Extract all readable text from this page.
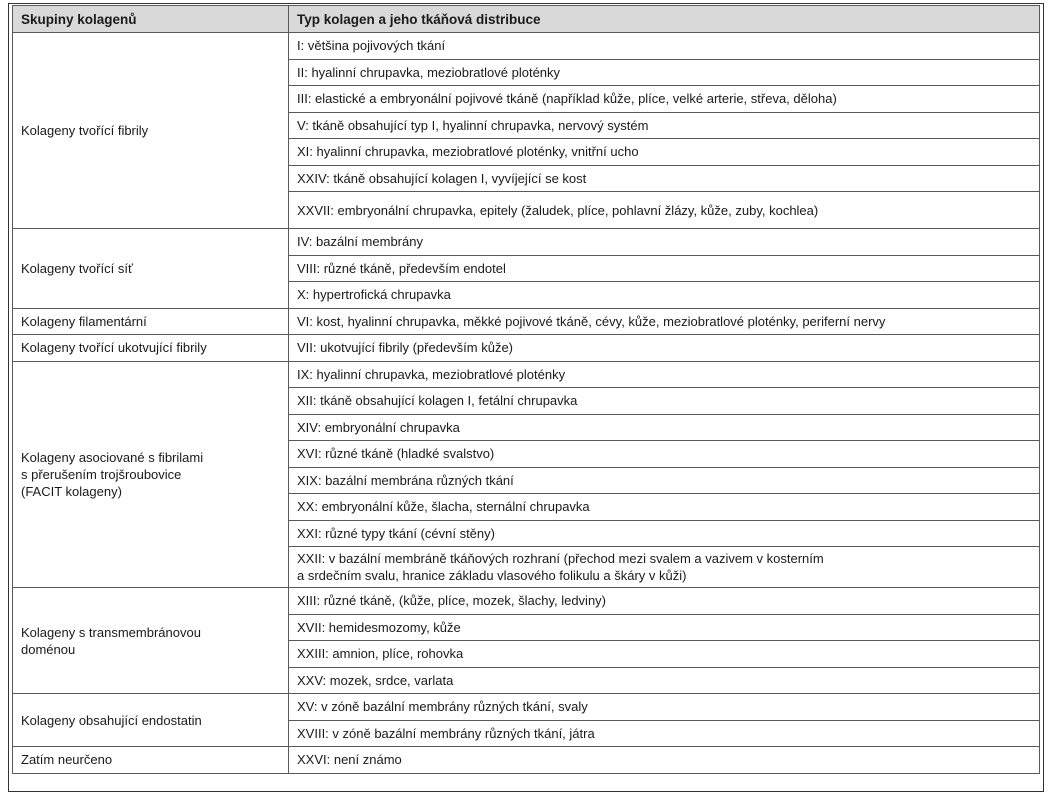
Skupiny kolagenů	Typ kolagen a jeho tkáňová distribuce
Kolageny tvořící fibrily	I: většina pojivových tkání
	II: hyalinní chrupavka, meziobratlové ploténky
	III: elastické a embryonální pojivové tkáně (například kůže, plíce, velké arterie, střeva, děloha)
	V: tkáně obsahující typ I, hyalinní chrupavka, nervový systém
	XI: hyalinní chrupavka, meziobratlové ploténky, vnitřní ucho
	XXIV: tkáně obsahující kolagen I, vyvíjející se kost
	XXVII: embryonální chrupavka, epitely (žaludek, plíce, pohlavní žlázy, kůže, zuby, kochlea)
Kolageny tvořící síť	IV: bazální membrány
	VIII: různé tkáně, především endotel
	X: hypertrofická chrupavka
Kolageny filamentární	VI: kost, hyalinní chrupavka, měkké pojivové tkáně, cévy, kůže, meziobratlové ploténky, periferní nervy
Kolageny tvořící ukotvující fibrily	VII: ukotvující fibrily (především kůže)
Kolageny asociované s fibrilami
s přerušením trojšroubovice
(FACIT kolageny)	IX: hyalinní chrupavka, meziobratlové ploténky
	XII: tkáně obsahující kolagen I, fetální chrupavka
	XIV: embryonální chrupavka
	XVI: různé tkáně (hladké svalstvo)
	XIX: bazální membrána různých tkání
	XX: embryonální kůže, šlacha, sternální chrupavka
	XXI: různé typy tkání (cévní stěny)
	XXII: v bazální membráně tkáňových rozhraní (přechod mezi svalem a vazivem v kosterním
a srdečním svalu, hranice základu vlasového folikulu a škáry v kůži)
Kolageny s transmembránovou
doménou	XIII: různé tkáně, (kůže, plíce, mozek, šlachy, ledviny)
	XVII: hemidesmozomy, kůže
	XXIII: amnion, plíce, rohovka
	XXV: mozek, srdce, varlata
Kolageny obsahující endostatin	XV: v zóně bazální membrány různých tkání, svaly
	XVIII: v zóně bazální membrány různých tkání, játra
Zatím neurčeno	XXVI: není známo
